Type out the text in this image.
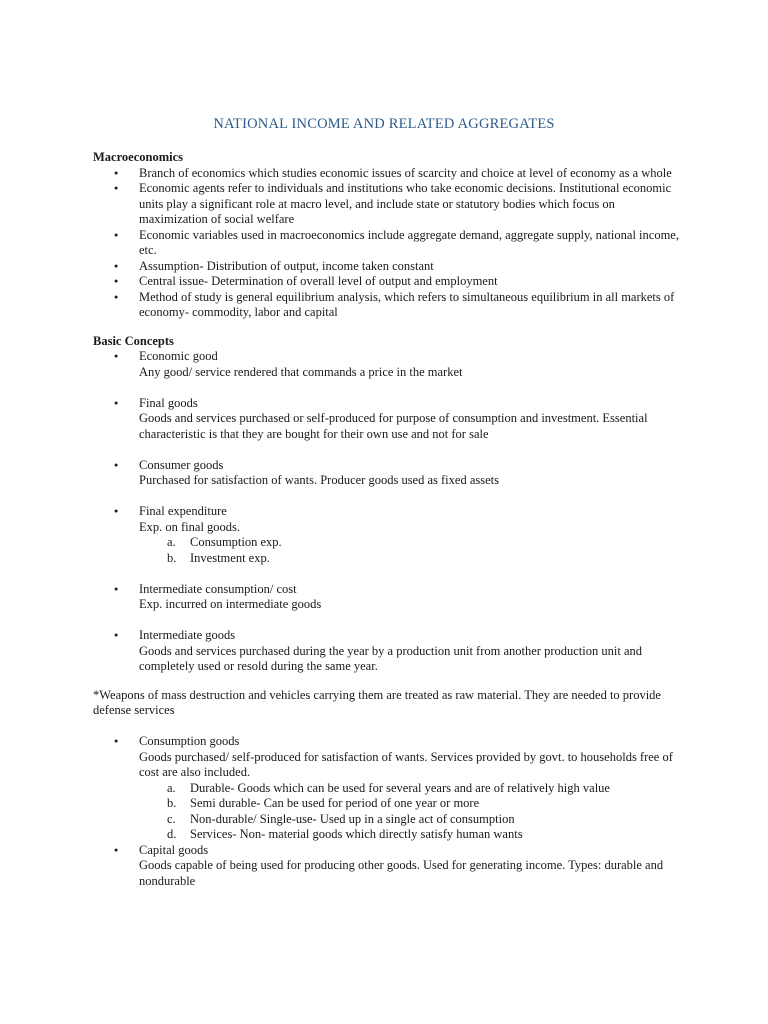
NATIONAL INCOME AND RELATED AGGREGATES

Macroeconomics

● Branch of economics which studies economic issues of scarcity and choice at level of economy as a whole
● Economic agents refer to individuals and institutions who take economic decisions. Institutional economic units play a significant role at macro level, and include state or statutory bodies which focus on maximization of social welfare
● Economic variables used in macroeconomics include aggregate demand, aggregate supply, national income, etc.
● Assumption- Distribution of output, income taken constant
● Central issue- Determination of overall level of output and employment
● Method of study is general equilibrium analysis, which refers to simultaneous equilibrium in all markets of economy- commodity, labor and capital

Basic Concepts

● Economic good
Any good/ service rendered that commands a price in the market
● Final goods
Goods and services purchased or self-produced for purpose of consumption and investment. Essential characteristic is that they are bought for their own use and not for sale
● Consumer goods
Purchased for satisfaction of wants. Producer goods used as fixed assets
● Final expenditure
Exp. on final goods.
a. Consumption exp.
b. Investment exp.
● Intermediate consumption/ cost
Exp. incurred on intermediate goods
● Intermediate goods
Goods and services purchased during the year by a production unit from another production unit and completely used or resold during the same year.

*Weapons of mass destruction and vehicles carrying them are treated as raw material. They are needed to provide defense services

● Consumption goods
Goods purchased/ self-produced for satisfaction of wants. Services provided by govt. to households free of cost are also included.
a. Durable- Goods which can be used for several years and are of relatively high value
b. Semi durable- Can be used for period of one year or more
c. Non-durable/ Single-use- Used up in a single act of consumption
d. Services- Non- material goods which directly satisfy human wants
● Capital goods
Goods capable of being used for producing other goods. Used for generating income. Types: durable and nondurable
